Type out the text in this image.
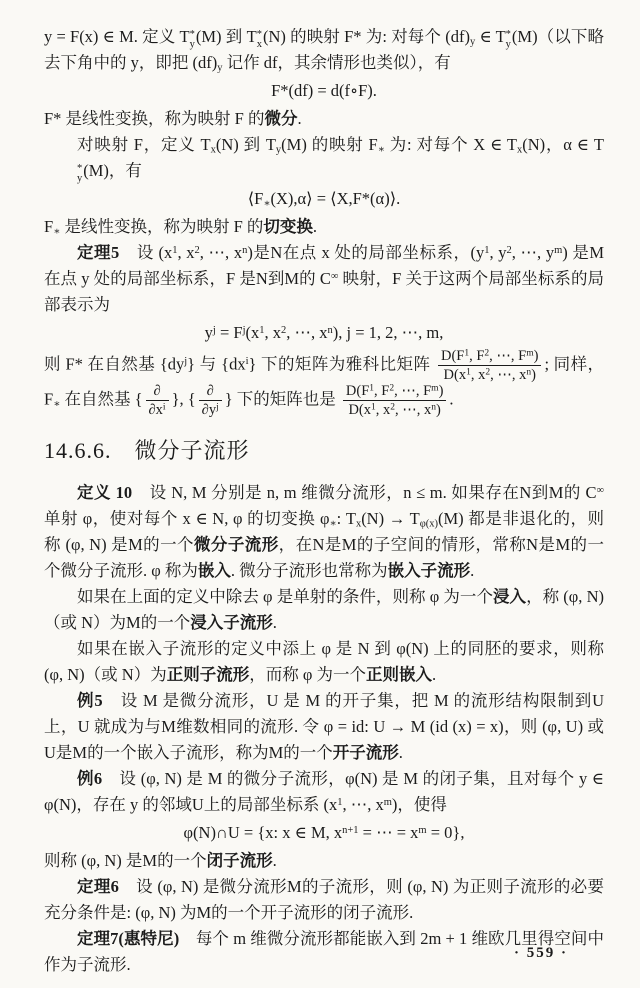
y = F(x) ∈ M. 定义 T *
y (M) 到 T *
x (N) 的映射 F* 为: 对每个 $(df)_y$ ∈ T *
y (M)（以下略去下角中的 y，即把 $(df)_y$ 记作 df，其余情形也类似），有
F*(df) = d(f∘F).
F* 是线性变换，称为映射 F 的微分.
对映射 F，定义 $T_x(N)$ 到 $T_y(M)$ 的映射 $F_∗$ 为: 对每个 X ∈ $T_x(N)$，α ∈ T
*
y (M)，有
$⟨F_∗(X),\alpha⟩$ = ⟨X,F*(α)⟩.
$F_∗$ 是线性变换，称为映射 F 的切变换.
定理5　设 ($x^1$, $x^2$, ⋯, $x^n$)是N在点 x 处的局部坐标系，($y^1$, $y^2$, ⋯, $y^m$) 是M在点 y 处的局部坐标系，F 是N到M的 C∞ 映射，F 关于这两个局部坐标系的局部表示为
$y^j = F^j(x^1$, $x^2$, ⋯, $x^n$), j = 1, 2, ⋯, m,
则 F* 在自然基 $\{dy^j\}$ 与 $\{dx^i\}$ 下的矩阵为雅科比矩阵 $\frac{D(F^1, F^2, \cdots, F^m)}{D(x^1, x^2, \cdots, x^n)}$ ; 同样，$F_∗$ 在自然基 { $\frac{\partial}{\partial x^i}$ }, { $\frac{\partial}{\partial y^j}$ } 下的矩阵也是 $\frac{D(F^1, F^2, \cdots, F^m)}{D(x^1, x^2, \cdots, x^n)}$ .
14.6.6.　微分子流形
定义 10　设 N, M 分别是 n, m 维微分流形，n ≤ m. 如果存在N到M的 C∞ 单射 φ，使对每个 x ∈ N, φ 的切变换 $\varphi_∗$: $T_x(N) \to T_{\varphi(x)}(M)$ 都是非退化的，则称 (φ, N) 是M的一个微分子流形，在N是M的子空间的情形，常称N是M的一个微分子流形. φ 称为嵌入. 微分子流形也常称为嵌入子流形.
如果在上面的定义中除去 φ 是单射的条件，则称 φ 为一个浸入，称 (φ, N)（或 N）为M的一个浸入子流形.
如果在嵌入子流形的定义中添上 φ 是 N 到 φ(N) 上的同胚的要求，则称 (φ, N)（或 N）为正则子流形，而称 φ 为一个正则嵌入.
例5　设 M 是微分流形，U 是 M 的开子集，把 M 的流形结构限制到U上，U 就成为与M维数相同的流形. 令 φ = id: U → M (id (x) = x)，则 (φ, U) 或U是M的一个嵌入子流形，称为M的一个开子流形.
例6　设 (φ, N) 是 M 的微分子流形，φ(N) 是 M 的闭子集，且对每个 y ∈ φ(N)，存在 y 的邻域U上的局部坐标系 ($x^1$, ⋯, $x^m$)，使得
φ(N)∩U = {x: x ∈ M, $x^{n+1}$ = ⋯ = $x^m = 0$},
则称 (φ, N) 是M的一个闭子流形.
定理6　设 (φ, N) 是微分流形M的子流形，则 (φ, N) 为正则子流形的必要充分条件是: (φ, N) 为M的一个开子流形的闭子流形.
定理7(惠特尼)　每个 m 维微分流形都能嵌入到 2m + 1 维欧几里得空间中作为子流形.
· 559 ·
